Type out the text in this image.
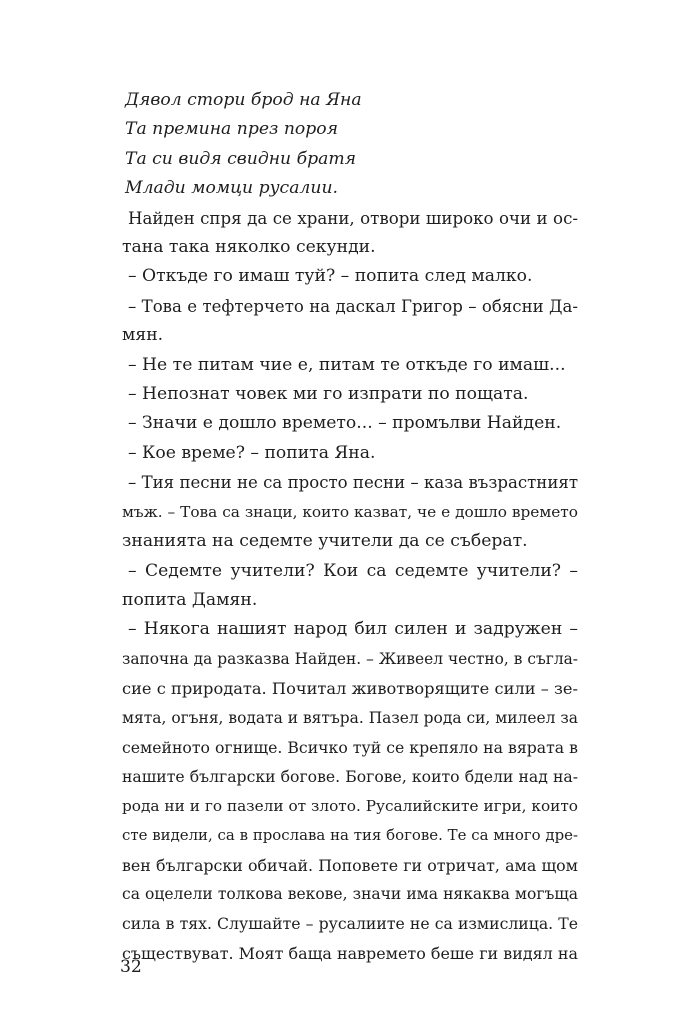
Дявол стори брод на Яна
Та премина през пороя
Та си видя свидни братя
Млади момци русалии.
Найден спря да се храни, отвори широко очи и ос-
тана така няколко секунди.
– Откъде го имаш туй? – попита след малко.
– Това е тефтерчето на даскал Григор – обясни Да-
мян.
– Не те питам чие е, питам те откъде го имаш...
– Непознат човек ми го изпрати по пощата.
– Значи е дошло времето... – промълви Найден.
– Кое време? – попита Яна.
– Тия песни не са просто песни – каза възрастният
мъж. – Това са знаци, които казват, че е дошло времето
знанията на седемте учители да се съберат.
– Седемте учители? Кои са седемте учители? –
попита Дамян.
– Някога нашият народ бил силен и задружен –
започна да разказва Найден. – Живеел честно, в съгла-
сие с природата. Почитал животворящите сили – зе-
мята, огъня, водата и вятъра. Пазел рода си, милеел за
семейното огнище. Всичко туй се крепяло на вярата в
нашите български богове. Богове, които бдели над на-
рода ни и го пазели от злото. Русалийските игри, които
сте видели, са в прослава на тия богове. Те са много дре-
вен български обичай. Поповете ги отричат, ама щом
са оцелели толкова векове, значи има някаква могъща
сила в тях. Слушайте – русалиите не са измислица. Те
съществуват. Моят баща навремето беше ги видял на
32
